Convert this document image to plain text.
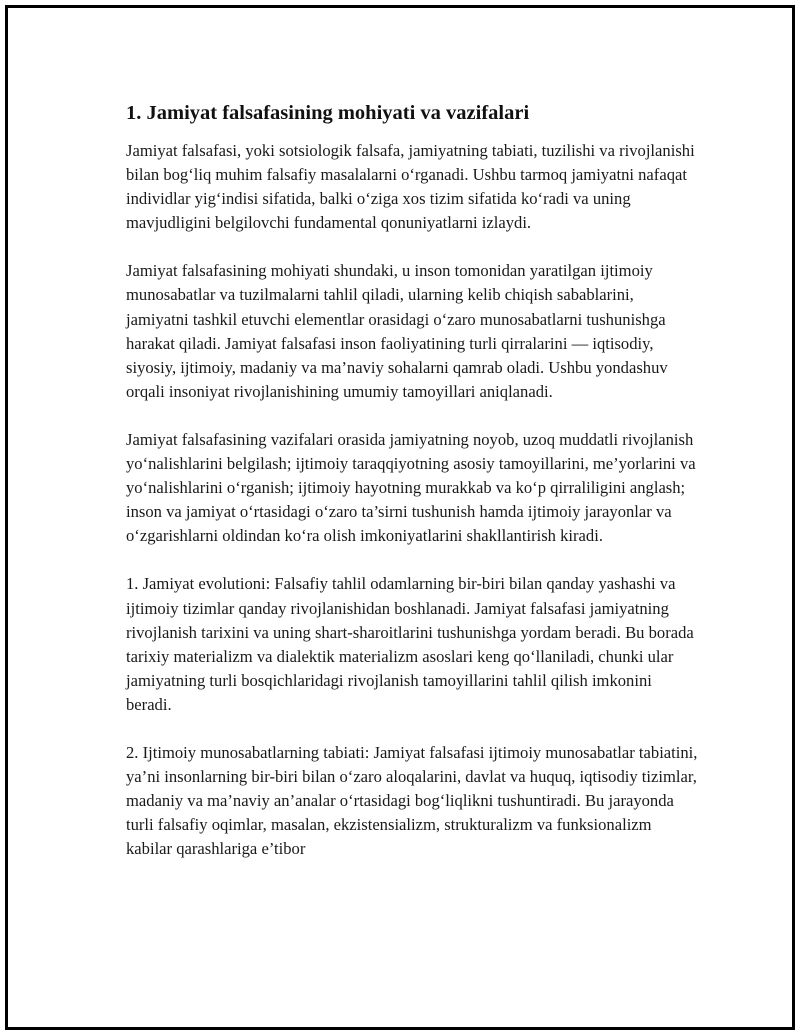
1. Jamiyat falsafasining mohiyati va vazifalari

Jamiyat falsafasi, yoki sotsiologik falsafa, jamiyatning tabiati, tuzilishi va rivojlanishi bilan bog‘liq muhim falsafiy masalalarni o‘rganadi. Ushbu tarmoq jamiyatni nafaqat individlar yig‘indisi sifatida, balki o‘ziga xos tizim sifatida ko‘radi va uning mavjudligini belgilovchi fundamental qonuniyatlarni izlaydi.

Jamiyat falsafasining mohiyati shundaki, u inson tomonidan yaratilgan ijtimoiy munosabatlar va tuzilmalarni tahlil qiladi, ularning kelib chiqish sabablarini, jamiyatni tashkil etuvchi elementlar orasidagi o‘zaro munosabatlarni tushunishga harakat qiladi. Jamiyat falsafasi inson faoliyatining turli qirralarini — iqtisodiy, siyosiy, ijtimoiy, madaniy va ma’naviy sohalarni qamrab oladi. Ushbu yondashuv orqali insoniyat rivojlanishining umumiy tamoyillari aniqlanadi.

Jamiyat falsafasining vazifalari orasida jamiyatning noyob, uzoq muddatli rivojlanish yo‘nalishlarini belgilash; ijtimoiy taraqqiyotning asosiy tamoyillarini, me’yorlarini va yo‘nalishlarini o‘rganish; ijtimoiy hayotning murakkab va ko‘p qirraliligini anglash; inson va jamiyat o‘rtasidagi o‘zaro ta’sirni tushunish hamda ijtimoiy jarayonlar va o‘zgarishlarni oldindan ko‘ra olish imkoniyatlarini shakllantirish kiradi.

1. Jamiyat evolutioni: Falsafiy tahlil odamlarning bir-biri bilan qanday yashashi va ijtimoiy tizimlar qanday rivojlanishidan boshlanadi. Jamiyat falsafasi jamiyatning rivojlanish tarixini va uning shart-sharoitlarini tushunishga yordam beradi. Bu borada tarixiy materializm va dialektik materializm asoslari keng qo‘llaniladi, chunki ular jamiyatning turli bosqichlaridagi rivojlanish tamoyillarini tahlil qilish imkonini beradi.

2. Ijtimoiy munosabatlarning tabiati: Jamiyat falsafasi ijtimoiy munosabatlar tabiatini, ya’ni insonlarning bir-biri bilan o‘zaro aloqalarini, davlat va huquq, iqtisodiy tizimlar, madaniy va ma’naviy an’analar o‘rtasidagi bog‘liqlikni tushuntiradi. Bu jarayonda turli falsafiy oqimlar, masalan, ekzistensializm, strukturalizm va funksionalizm kabilar qarashlariga e’tibor
